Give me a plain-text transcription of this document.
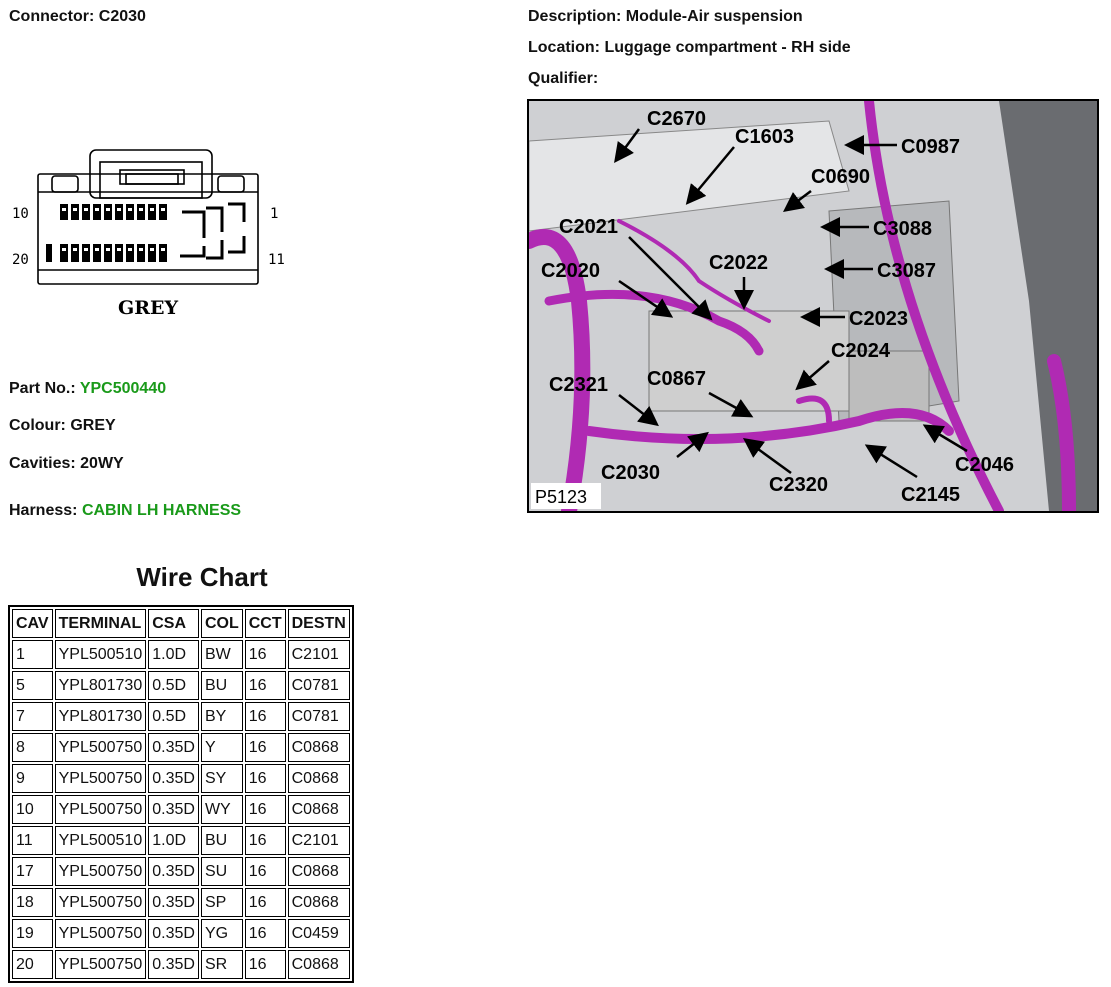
Connector: C2030	Description: Module-Air suspension
Location: Luggage compartment - RH side
Qualifier:
10	1
20	11
GREY
Part No.: YPC500440
Colour: GREY
Cavities: 20WY
Harness: CABIN LH HARNESS
C2670
C1603	C0987
C0690
C3088
C2021
C2022	C3087
C2020
C2023
C2024
C0867
C2321
C2046
C2030
C2320	C2145
P5123
Wire Chart
CAV	TERMINAL	CSA	COL	CCT	DESTN
1	YPL500510	1.0D	BW	16	C2101
5	YPL801730	0.5D	BU	16	C0781
7	YPL801730	0.5D	BY	16	C0781
8	YPL500750	0.35D	Y	16	C0868
9	YPL500750	0.35D	SY	16	C0868
10	YPL500750	0.35D	WY	16	C0868
11	YPL500510	1.0D	BU	16	C2101
17	YPL500750	0.35D	SU	16	C0868
18	YPL500750	0.35D	SP	16	C0868
19	YPL500750	0.35D	YG	16	C0459
20	YPL500750	0.35D	SR	16	C0868
